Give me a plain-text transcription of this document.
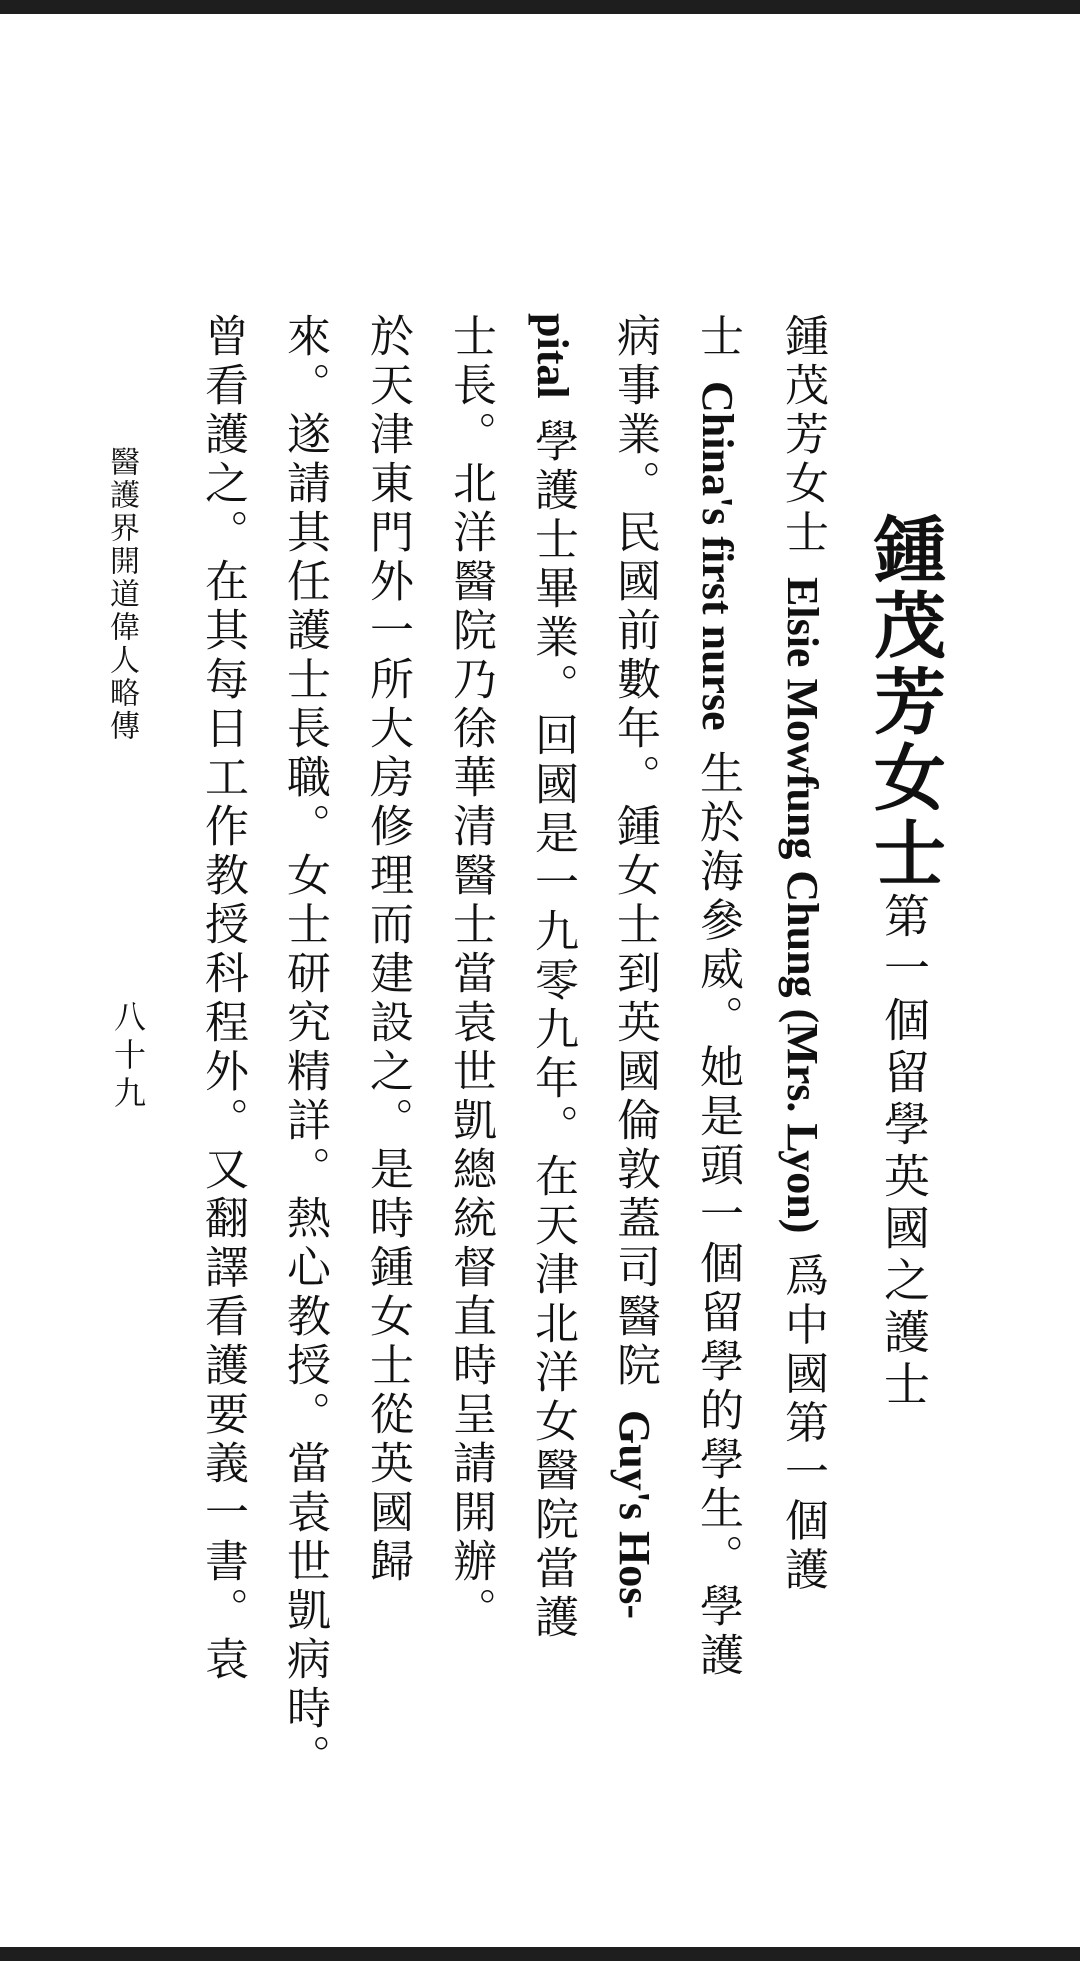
鍾茂芳女士第一個留學英國之護士
鍾茂芳女士 Elsie Mowfung Chung (Mrs. Lyon) 爲中國第一個護
士 China's first nurse 生於海參威。她是頭一個留學的學生。學護
病事業。民國前數年。鍾女士到英國倫敦蓋司醫院 Guy's Hos-
pital 學護士畢業。回國是一九零九年。在天津北洋女醫院當護
士長。北洋醫院乃徐華清醫士當袁世凱總統督直時呈請開辦。
於天津東門外一所大房修理而建設之。是時鍾女士從英國歸
來。遂請其任護士長職。女士研究精詳。熱心教授。當袁世凱病時。
曾看護之。在其每日工作教授科程外。又翻譯看護要義一書。袁
醫護界開道偉人略傳
八十九
